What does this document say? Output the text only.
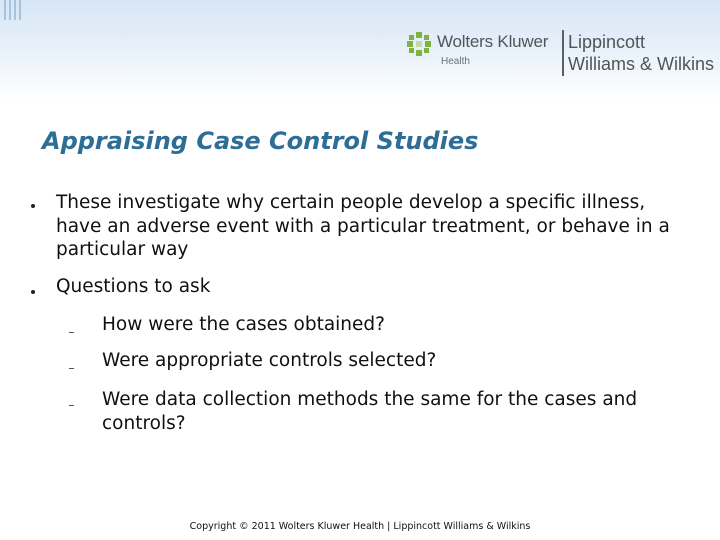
Wolters Kluwer
Health
Lippincott
Williams & Wilkins
Appraising Case Control Studies
These investigate why certain people develop a specific illness, have an adverse event with a particular treatment, or behave in a particular way
Questions to ask
How were the cases obtained?
Were appropriate controls selected?
Were data collection methods the same for the cases and controls?
Copyright © 2011 Wolters Kluwer Health | Lippincott Williams & Wilkins
